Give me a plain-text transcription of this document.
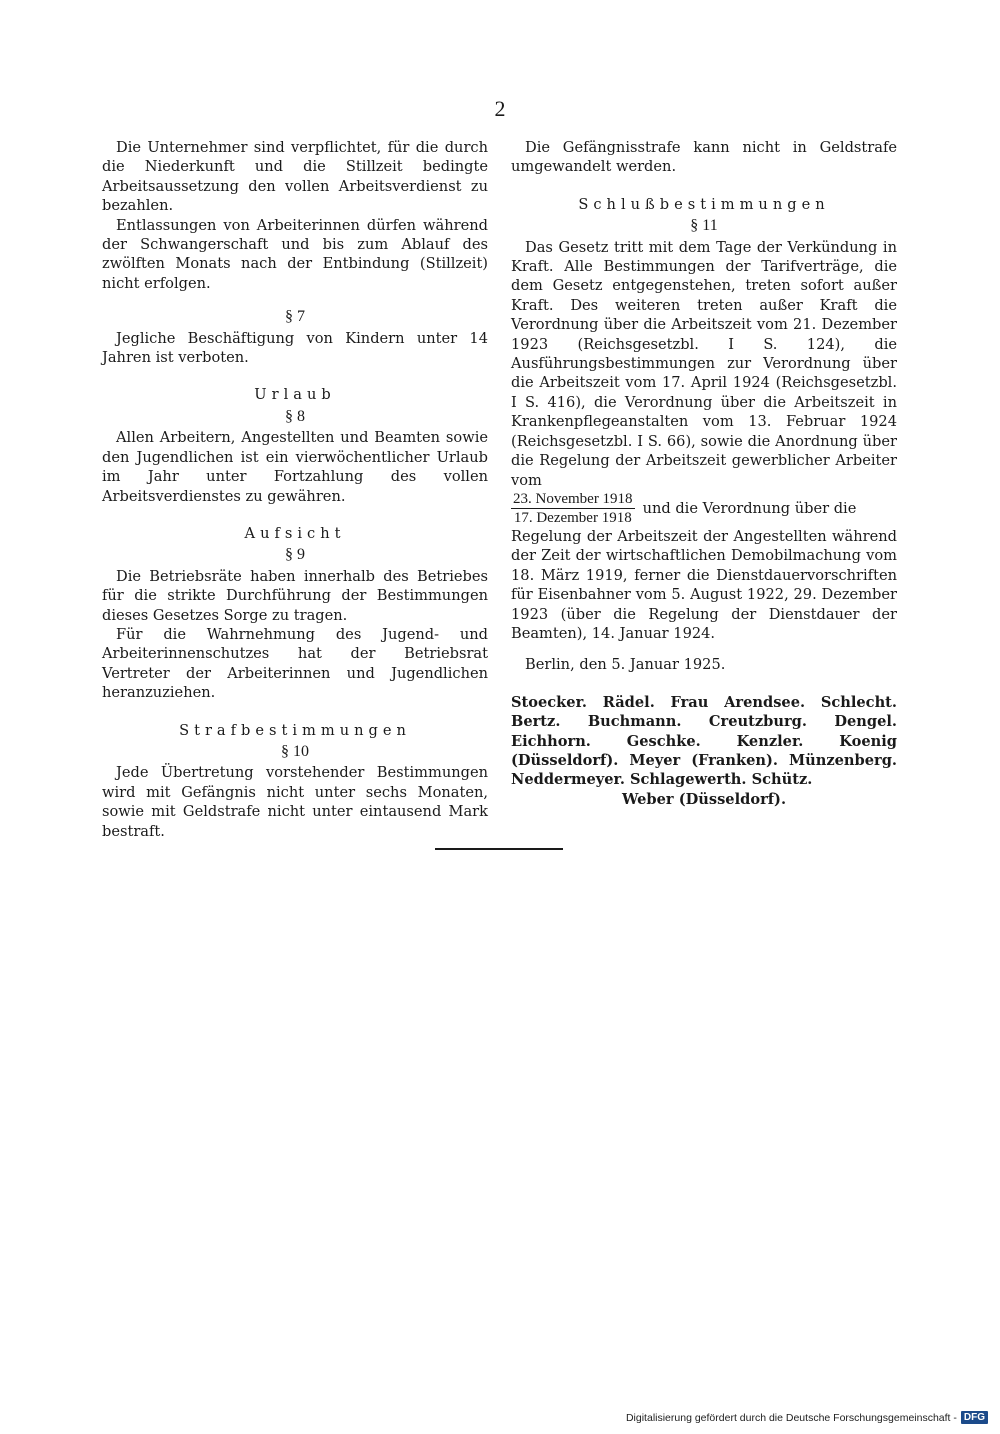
2

Die Unternehmer sind verpflichtet, für die durch die Niederkunft und die Stillzeit bedingte Arbeitsaussetzung den vollen Arbeitsverdienst zu bezahlen.

Entlassungen von Arbeiterinnen dürfen während der Schwangerschaft und bis zum Ablauf des zwölften Monats nach der Entbindung (Stillzeit) nicht erfolgen.

§ 7

Jegliche Beschäftigung von Kindern unter 14 Jahren ist verboten.

Urlaub
§ 8

Allen Arbeitern, Angestellten und Beamten sowie den Jugendlichen ist ein vierwöchentlicher Urlaub im Jahr unter Fortzahlung des vollen Arbeitsverdienstes zu gewähren.

Aufsicht
§ 9

Die Betriebsräte haben innerhalb des Betriebes für die strikte Durchführung der Bestimmungen dieses Gesetzes Sorge zu tragen.

Für die Wahrnehmung des Jugend- und Arbeiterinnenschutzes hat der Betriebsrat Vertreter der Arbeiterinnen und Jugendlichen heranzuziehen.

Strafbestimmungen
§ 10

Jede Übertretung vorstehender Bestimmungen wird mit Gefängnis nicht unter sechs Monaten, sowie mit Geldstrafe nicht unter eintausend Mark bestraft.

Die Gefängnisstrafe kann nicht in Geldstrafe umgewandelt werden.

Schlußbestimmungen
§ 11

Das Gesetz tritt mit dem Tage der Verkündung in Kraft. Alle Bestimmungen der Tarifverträge, die dem Gesetz entgegenstehen, treten sofort außer Kraft. Des weiteren treten außer Kraft die Verordnung über die Arbeitszeit vom 21. Dezember 1923 (Reichsgesetzbl. I S. 124), die Ausführungsbestimmungen zur Verordnung über die Arbeitszeit vom 17. April 1924 (Reichsgesetzbl. I S. 416), die Verordnung über die Arbeitszeit in Krankenpflegeanstalten vom 13. Februar 1924 (Reichsgesetzbl. I S. 66), sowie die Anordnung über die Regelung der Arbeitszeit gewerblicher Arbeiter vom

$\frac{\text{23. November 1918}}{\text{17. Dezember 1918}}$ und die Verordnung über die

Regelung der Arbeitszeit der Angestellten während der Zeit der wirtschaftlichen Demobilmachung vom 18. März 1919, ferner die Dienstdauervorschriften für Eisenbahner vom 5. August 1922, 29. Dezember 1923 (über die Regelung der Dienstdauer der Beamten), 14. Januar 1924.

Berlin, den 5. Januar 1925.

Stoecker. Rädel. Frau Arendsee. Schlecht. Bertz. Buchmann. Creutzburg. Dengel. Eichhorn. Geschke. Kenzler. Koenig (Düsseldorf). Meyer (Franken). Münzenberg. Neddermeyer. Schlagewerth. Schütz.
Weber (Düsseldorf).
Digitalisierung gefördert durch die Deutsche Forschungsgemeinschaft - DFG
